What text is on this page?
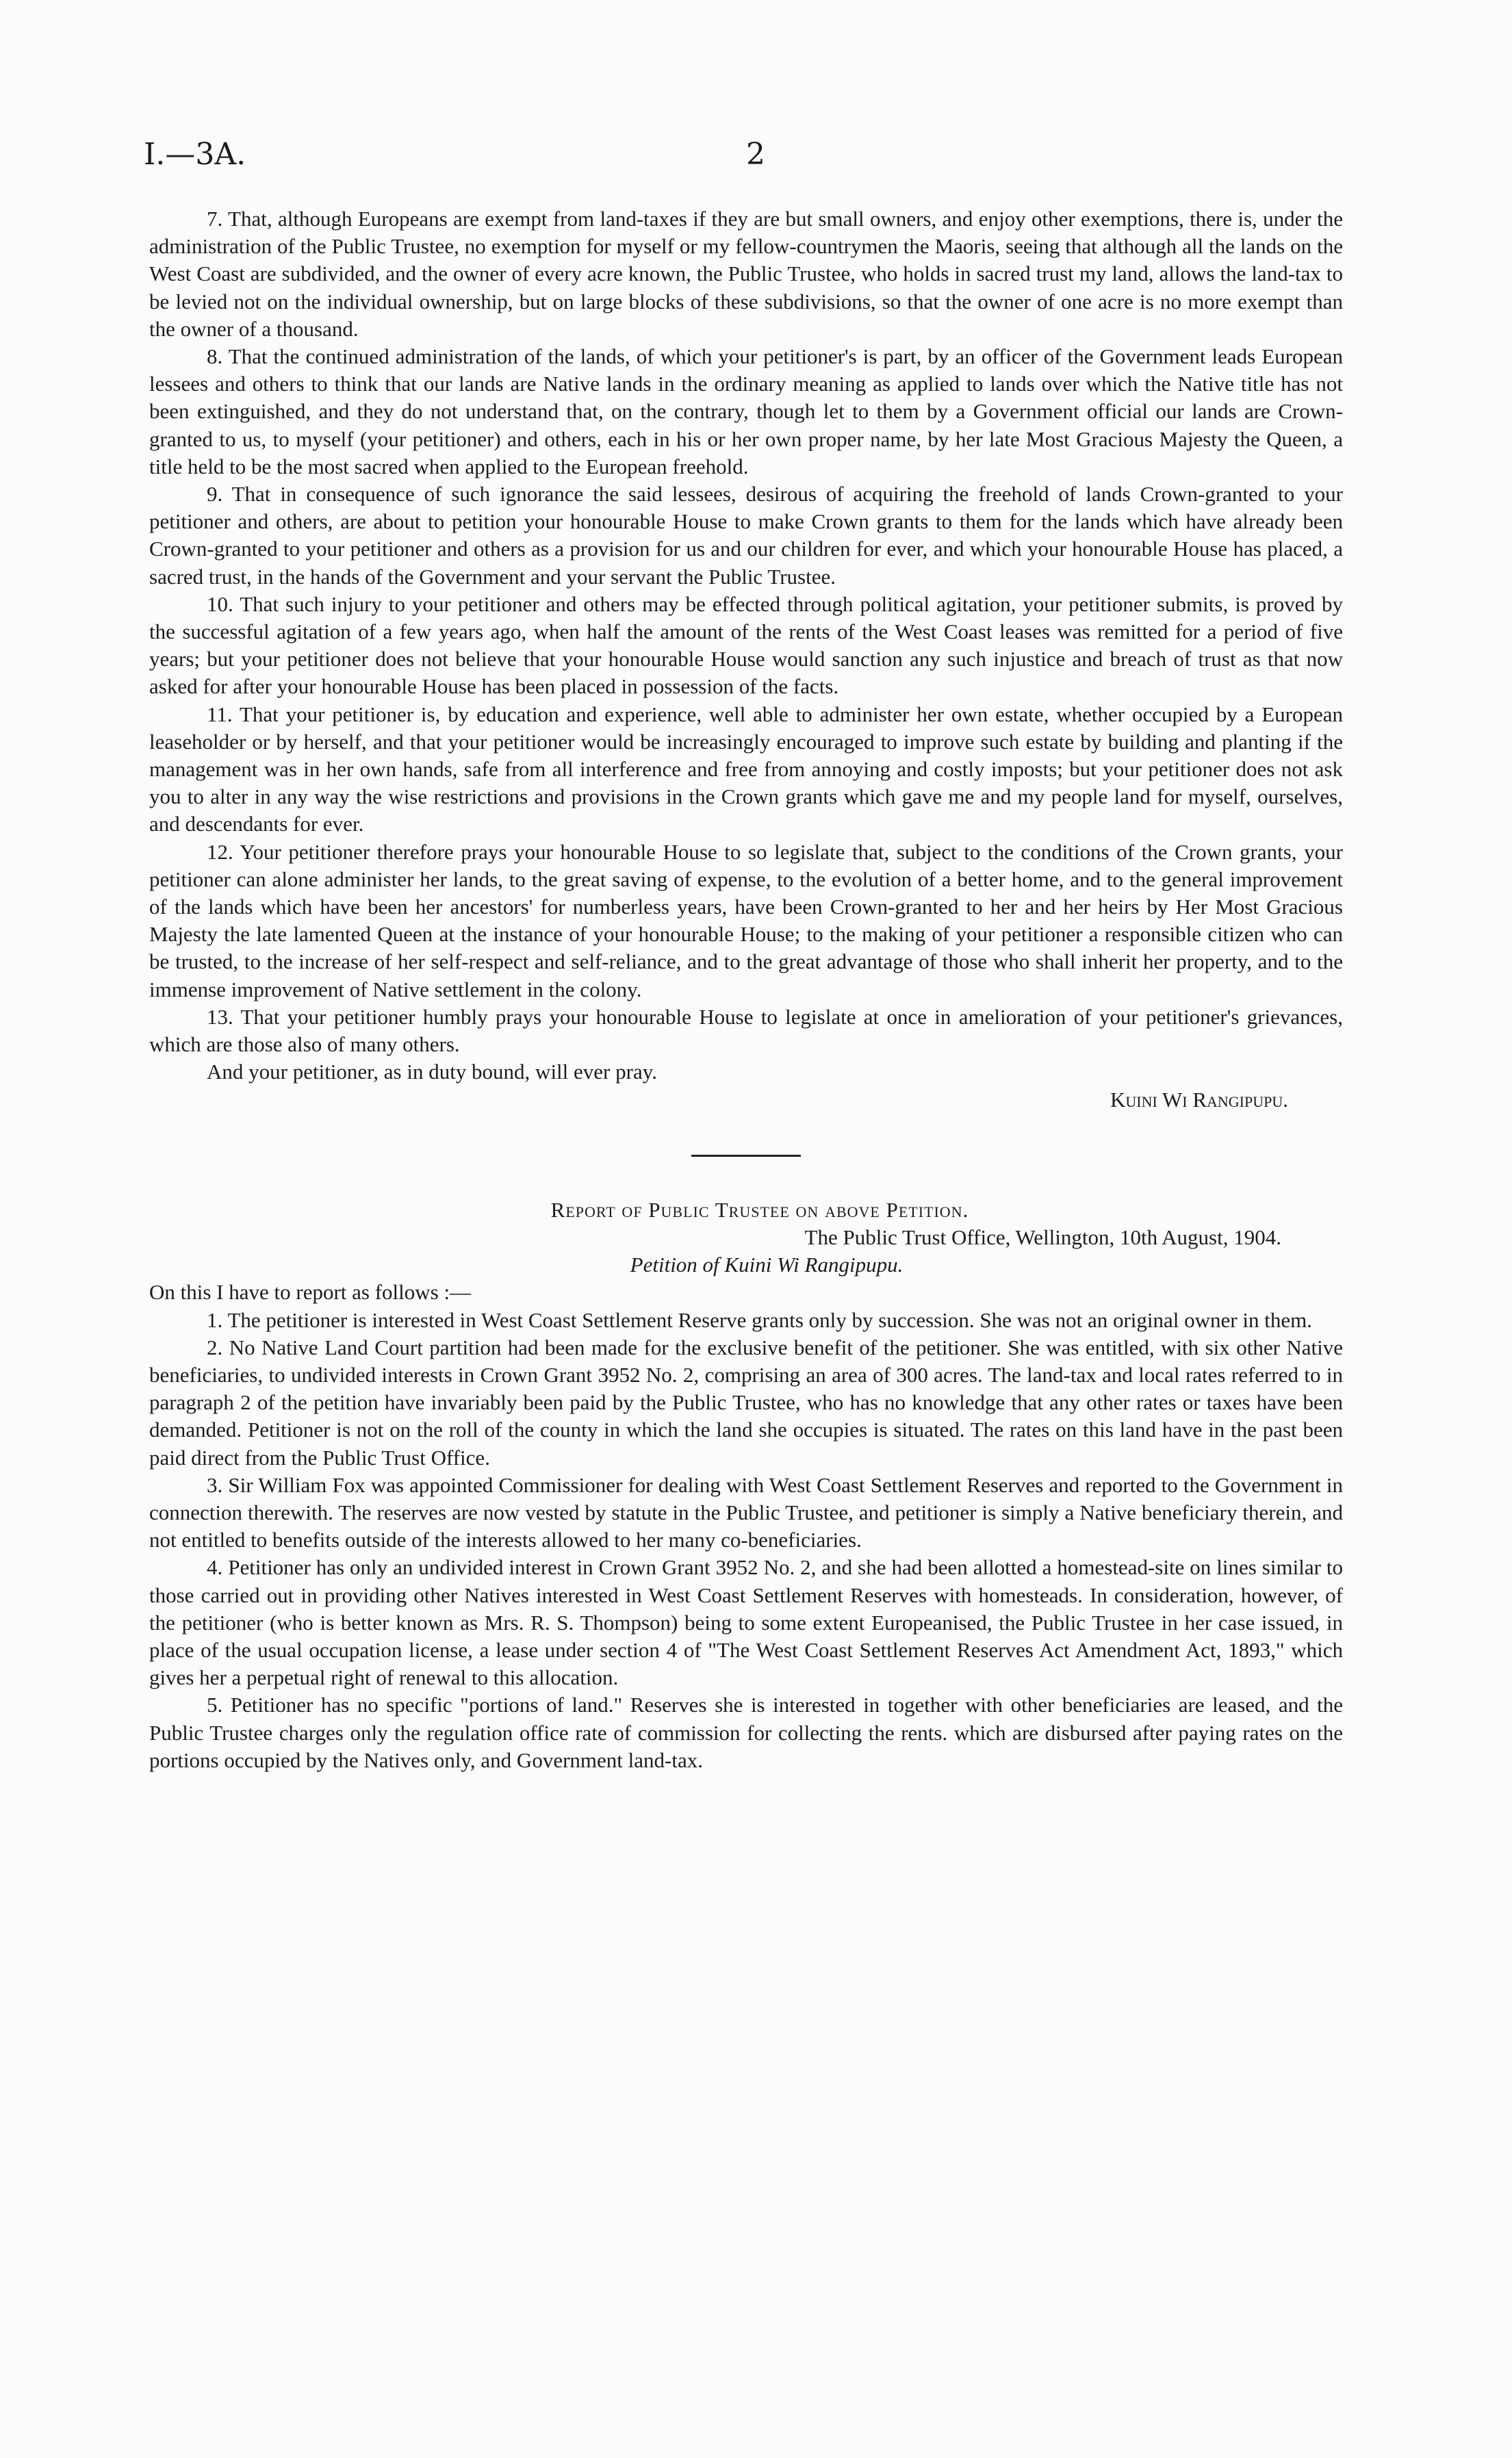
I.—3A.	2

7. That, although Europeans are exempt from land-taxes if they are but small owners, and enjoy other exemptions, there is, under the administration of the Public Trustee, no exemption for myself or my fellow-countrymen the Maoris, seeing that although all the lands on the West Coast are subdivided, and the owner of every acre known, the Public Trustee, who holds in sacred trust my land, allows the land-tax to be levied not on the individual ownership, but on large blocks of these subdivisions, so that the owner of one acre is no more exempt than the owner of a thousand.

8. That the continued administration of the lands, of which your petitioner's is part, by an officer of the Government leads European lessees and others to think that our lands are Native lands in the ordinary meaning as applied to lands over which the Native title has not been extinguished, and they do not understand that, on the contrary, though let to them by a Government official our lands are Crown-granted to us, to myself (your petitioner) and others, each in his or her own proper name, by her late Most Gracious Majesty the Queen, a title held to be the most sacred when applied to the European freehold.

9. That in consequence of such ignorance the said lessees, desirous of acquiring the freehold of lands Crown-granted to your petitioner and others, are about to petition your honourable House to make Crown grants to them for the lands which have already been Crown-granted to your petitioner and others as a provision for us and our children for ever, and which your honourable House has placed, a sacred trust, in the hands of the Government and your servant the Public Trustee.

10. That such injury to your petitioner and others may be effected through political agitation, your petitioner submits, is proved by the successful agitation of a few years ago, when half the amount of the rents of the West Coast leases was remitted for a period of five years; but your petitioner does not believe that your honourable House would sanction any such injustice and breach of trust as that now asked for after your honourable House has been placed in possession of the facts.

11. That your petitioner is, by education and experience, well able to administer her own estate, whether occupied by a European leaseholder or by herself, and that your petitioner would be increasingly encouraged to improve such estate by building and planting if the management was in her own hands, safe from all interference and free from annoying and costly imposts; but your petitioner does not ask you to alter in any way the wise restrictions and provisions in the Crown grants which gave me and my people land for myself, ourselves, and descendants for ever.

12. Your petitioner therefore prays your honourable House to so legislate that, subject to the conditions of the Crown grants, your petitioner can alone administer her lands, to the great saving of expense, to the evolution of a better home, and to the general improvement of the lands which have been her ancestors' for numberless years, have been Crown-granted to her and her heirs by Her Most Gracious Majesty the late lamented Queen at the instance of your honourable House; to the making of your petitioner a responsible citizen who can be trusted, to the increase of her self-respect and self-reliance, and to the great advantage of those who shall inherit her property, and to the immense improvement of Native settlement in the colony.

13. That your petitioner humbly prays your honourable House to legislate at once in amelioration of your petitioner's grievances, which are those also of many others.

And your petitioner, as in duty bound, will ever pray.

Kuini Wi Rangipupu.

Report of Public Trustee on above Petition.

The Public Trust Office, Wellington, 10th August, 1904.

Petition of Kuini Wi Rangipupu.

On this I have to report as follows :—

1. The petitioner is interested in West Coast Settlement Reserve grants only by succession. She was not an original owner in them.

2. No Native Land Court partition had been made for the exclusive benefit of the petitioner. She was entitled, with six other Native beneficiaries, to undivided interests in Crown Grant 3952 No. 2, comprising an area of 300 acres. The land-tax and local rates referred to in paragraph 2 of the petition have invariably been paid by the Public Trustee, who has no knowledge that any other rates or taxes have been demanded. Petitioner is not on the roll of the county in which the land she occupies is situated. The rates on this land have in the past been paid direct from the Public Trust Office.

3. Sir William Fox was appointed Commissioner for dealing with West Coast Settlement Reserves and reported to the Government in connection therewith. The reserves are now vested by statute in the Public Trustee, and petitioner is simply a Native beneficiary therein, and not entitled to benefits outside of the interests allowed to her many co-beneficiaries.

4. Petitioner has only an undivided interest in Crown Grant 3952 No. 2, and she had been allotted a homestead-site on lines similar to those carried out in providing other Natives interested in West Coast Settlement Reserves with homesteads. In consideration, however, of the petitioner (who is better known as Mrs. R. S. Thompson) being to some extent Europeanised, the Public Trustee in her case issued, in place of the usual occupation license, a lease under section 4 of "The West Coast Settlement Reserves Act Amendment Act, 1893," which gives her a perpetual right of renewal to this allocation.

5. Petitioner has no specific "portions of land." Reserves she is interested in together with other beneficiaries are leased, and the Public Trustee charges only the regulation office rate of commission for collecting the rents. which are disbursed after paying rates on the portions occupied by the Natives only, and Government land-tax.
